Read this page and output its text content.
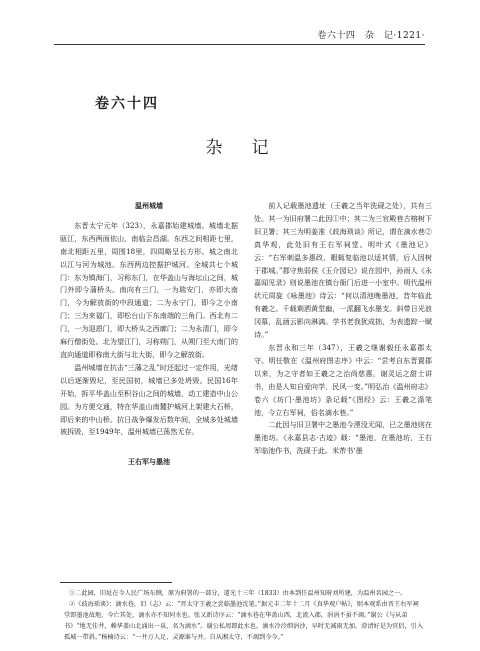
卷六十四　杂　记·1221·
卷六十四
杂　记
温州城墙

东晋太宁元年（323），永嘉郡始建城墙。城墙北据瓯江，东西两面依山，南临会昌湖。东西之间相距七里，南北相距五里，周围18里，四周略呈长方形。城之南北以江与河为城池。东西两边控据护城河。全城共七个城门：东为镇海门，习称东门，在华盖山与海坛山之间，城门外即今蒲桥头。南向有三门，一为瑞安门，亦即大南门，今为解放街的中段通道；二为永宁门，即今之小南门；三为来福门，即松台山下东南端的三角门。西北有二门，一为迎恩门，即大桥头之西廓门；二为永清门，即今麻行僧街处。北为望江门，习称朔门，从朔门至大南门的直向通道即称南大街与北大街，即今之解放街。

温州城墙在抗击“三藩之乱”时还起过一定作用，光绪以后逐渐毁圮，至民国初，城墙已多处坍毁。民国16年开始，拆平华盖山至积谷山之间的城墙，动工建造中山公园。为方便交通，特在华盖山南麓护城河上架建大石桥，即后来的中山桥。抗日战争爆发后数年间，全城多处城墙被拆毁，至1949年，温州城墙已荡然无存。

王右军与墨池

前人记载墨池遗址（王羲之当年洗砚之处），共有三处。其一为旧府署二此因①中；其二为三官殿巷古榕树下旧卫署；其三为明姜准《歧海琐谈》所记，谓在滴水巷②真华观，此处旧有王右军祠堂。明叶式《墨池记》云：“右军刺温多惠政，暇辄复临池以适其情，后人因树于郡城。”郡守焦弱侯《玉介园记》说在园中，孙雨人《永嘉闻见录》则说墨池在镇台衙门后进一小室中。明代温州状元周旋《咏墨池》诗云：“何以清池晚墨池，昔年临此有羲之。千载剩洒黄堂幽，一派翻飞水墨支。斜带日光浪冈慕，乱涵云影向淋漓。学书老我犹成拙，为表遗踪一赋诗。”

东晋永和三年（347），王羲之继谢毅任永嘉郡太守。明任敬在《温州府图志序》中云：“尝考自东晋置郡以来，为之守者如王羲之之治尚慈惠，谢灵运之甜士讲书，由是人知自爱向学，民风一变。”明弘治《温州府志》卷六《坊门·墨池坊》条记载“《图经》云：王羲之涤笔池，今立右军祠，俗名滴水巷。”

二此因与旧卫署中之墨池今湮没无闻，已之墨池则在墨池坊。《永嘉县志·古迹》载：“墨池，在墨池坊，王右军临池作书，洗砚于此。米芾书‘墨

①二此园，旧址在今人民广场东侧，原为府署的一部分，道光十三年（1833）由本到任温州知府刘所建，为温州名园之一。

②《歧海琐谈》：滴水巷，旧（志）云：“晋太守王羲之尝临墨池沈笔。”据元丰二年十二月《真华观户帖》，则本观系由晋王右军祠堂即墨池故地，今亡其处，滴水亦不知何水也。张又新诗序云：“滴水巷在华盖山西，北流入郡，涓涓不虽不竭。”谢公《与从弟书》“地无佳井，赖华盖山北涌出一泉，名为滴水”。谢公私周即此水也。滴水冷泠细涓沙，早时无减雨无加。澄清好是为官侣，引入孤城一带斜。”杨楠诗云：“一井万人足，灵源谁与并。自从湘太守，不竭到今今。”
